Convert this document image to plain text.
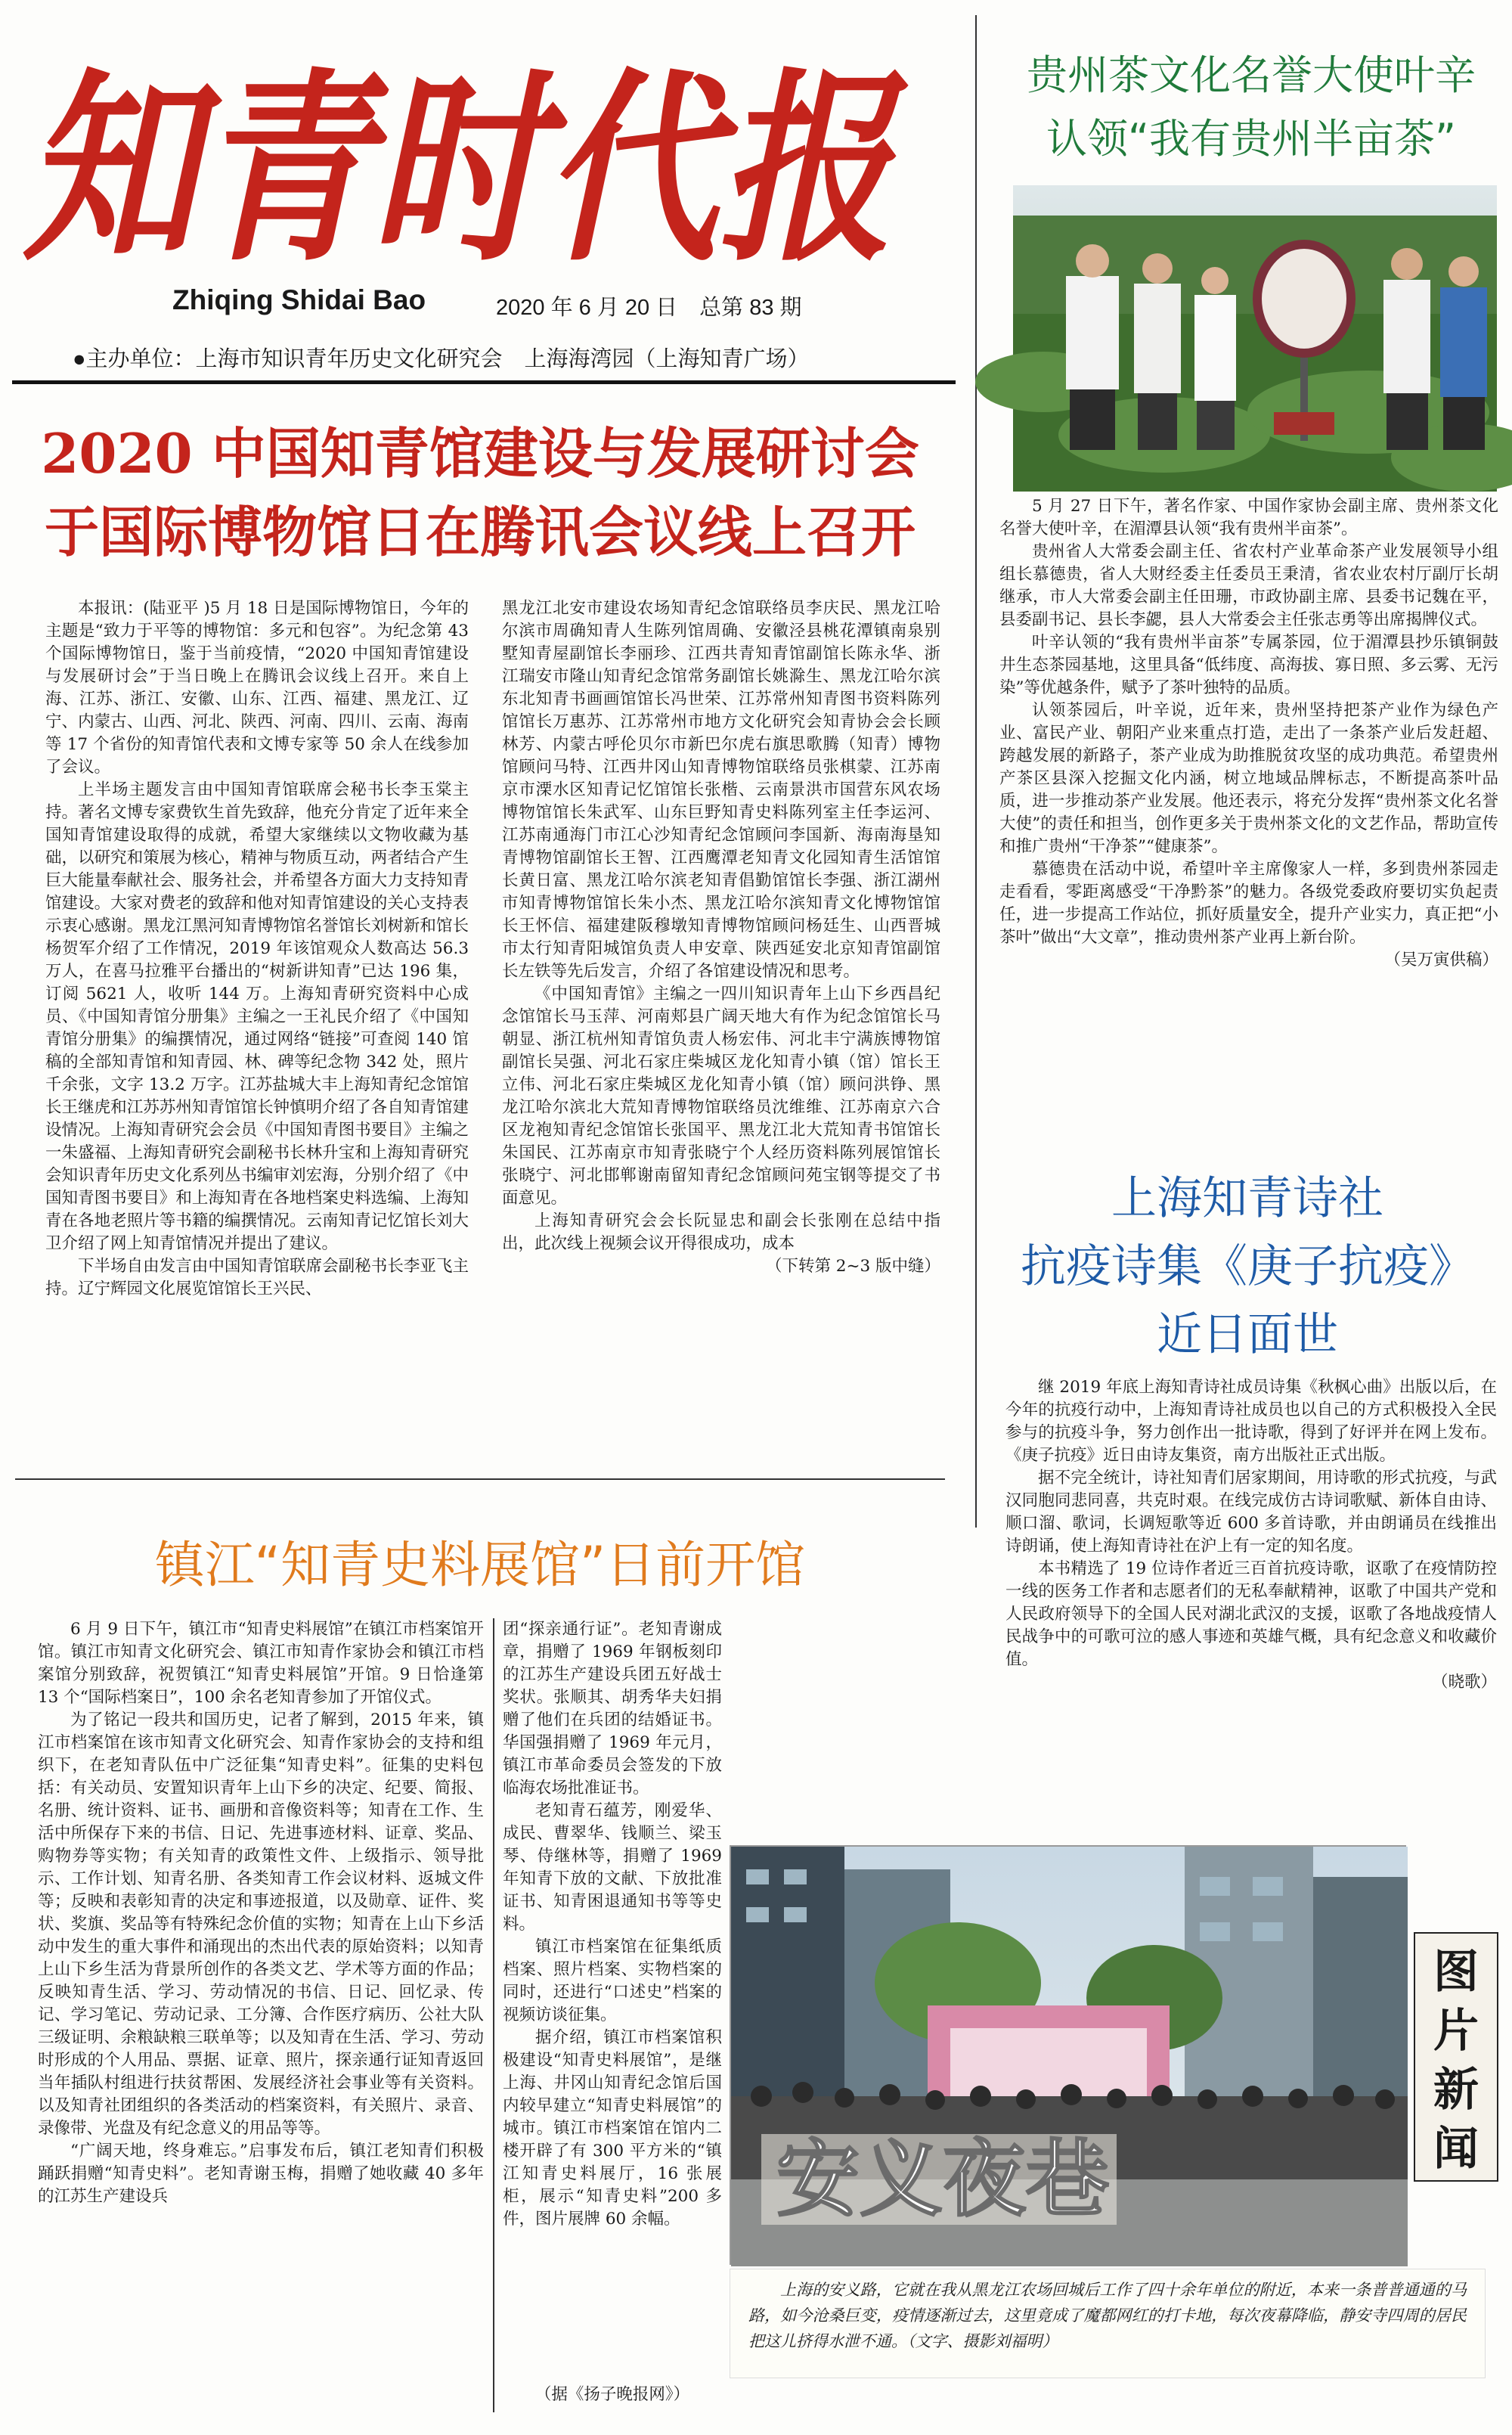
知青时代报
Zhiqing Shidai Bao	2020 年 6 月 20 日　总第 83 期
●主办单位：上海市知识青年历史文化研究会　上海海湾园（上海知青广场）
2020 中国知青馆建设与发展研讨会
于国际博物馆日在腾讯会议线上召开

本报讯：(陆亚平 )5 月 18 日是国际博物馆日，今年的主题是“致力于平等的博物馆：多元和包容”。为纪念第 43 个国际博物馆日，鉴于当前疫情，“2020 中国知青馆建设与发展研讨会”于当日晚上在腾讯会议线上召开。来自上海、江苏、浙江、安徽、山东、江西、福建、黑龙江、辽宁、内蒙古、山西、河北、陕西、河南、四川、云南、海南等 17 个省份的知青馆代表和文博专家等 50 余人在线参加了会议。

上半场主题发言由中国知青馆联席会秘书长李玉棠主持。著名文博专家费钦生首先致辞，他充分肯定了近年来全国知青馆建设取得的成就，希望大家继续以文物收藏为基础，以研究和策展为核心，精神与物质互动，两者结合产生巨大能量奉献社会、服务社会，并希望各方面大力支持知青馆建设。大家对费老的致辞和他对知青馆建设的关心支持表示衷心感谢。黑龙江黑河知青博物馆名誉馆长刘树新和馆长杨贺军介绍了工作情况，2019 年该馆观众人数高达 56.3 万人，在喜马拉雅平台播出的“树新讲知青”已达 196 集，订阅 5621 人，收听 144 万。上海知青研究资料中心成员、《中国知青馆分册集》主编之一王礼民介绍了《中国知青馆分册集》的编撰情况，通过网络“链接”可查阅 140 馆稿的全部知青馆和知青园、林、碑等纪念物 342 处，照片千余张，文字 13.2 万字。江苏盐城大丰上海知青纪念馆馆长王继虎和江苏苏州知青馆馆长钟慎明介绍了各自知青馆建设情况。上海知青研究会会员《中国知青图书要目》主编之一朱盛福、上海知青研究会副秘书长林升宝和上海知青研究会知识青年历史文化系列丛书编审刘宏海，分别介绍了《中国知青图书要目》和上海知青在各地档案史料选编、上海知青在各地老照片等书籍的编撰情况。云南知青记忆馆长刘大卫介绍了网上知青馆情况并提出了建议。

下半场自由发言由中国知青馆联席会副秘书长李亚飞主持。辽宁辉园文化展览馆馆长王兴民、

黑龙江北安市建设农场知青纪念馆联络员李庆民、黑龙江哈尔滨市周确知青人生陈列馆周确、安徽泾县桃花潭镇南泉别墅知青屋副馆长李丽珍、江西共青知青馆副馆长陈永华、浙江瑞安市隆山知青纪念馆常务副馆长姚滁生、黑龙江哈尔滨东北知青书画画馆馆长冯世荣、江苏常州知青图书资料陈列馆馆长万惠苏、江苏常州市地方文化研究会知青协会会长顾林芳、内蒙古呼伦贝尔市新巴尔虎右旗思歌腾（知青）博物馆顾问马特、江西井冈山知青博物馆联络员张棋蒙、江苏南京市溧水区知青记忆馆馆长张楷、云南景洪市国营东风农场博物馆馆长朱武军、山东巨野知青史料陈列室主任李运河、江苏南通海门市江心沙知青纪念馆顾问李国新、海南海垦知青博物馆副馆长王智、江西鹰潭老知青文化园知青生活馆馆长黄日富、黑龙江哈尔滨老知青倡勤馆馆长李强、浙江湖州市知青博物馆馆长朱小杰、黑龙江哈尔滨知青文化博物馆馆长王怀信、福建建阪穆墩知青博物馆顾问杨廷生、山西晋城市太行知青阳城馆负责人申安章、陕西延安北京知青馆副馆长左铁等先后发言，介绍了各馆建设情况和思考。

《中国知青馆》主编之一四川知识青年上山下乡西昌纪念馆馆长马玉萍、河南郏县广阔天地大有作为纪念馆馆长马朝显、浙江杭州知青馆负责人杨宏伟、河北丰宁满族博物馆副馆长吴强、河北石家庄柴城区龙化知青小镇（馆）馆长王立伟、河北石家庄柴城区龙化知青小镇（馆）顾问洪铮、黑龙江哈尔滨北大荒知青博物馆联络员沈维维、江苏南京六合区龙袍知青纪念馆馆长张国平、黑龙江北大荒知青书馆馆长朱国民、江苏南京市知青张晓宁个人经历资料陈列展馆馆长张晓宁、河北邯郸谢南留知青纪念馆顾问苑宝钢等提交了书面意见。

上海知青研究会会长阮显忠和副会长张刚在总结中指出，此次线上视频会议开得很成功，成本

（下转第 2~3 版中缝）

贵州茶文化名誉大使叶辛
认领“我有贵州半亩茶”

5 月 27 日下午，著名作家、中国作家协会副主席、贵州茶文化名誉大使叶辛，在湄潭县认领“我有贵州半亩茶”。

贵州省人大常委会副主任、省农村产业革命茶产业发展领导小组组长慕德贵，省人大财经委主任委员王秉清，省农业农村厅副厅长胡继承，市人大常委会副主任田珊，市政协副主席、县委书记魏在平，县委副书记、县长李勰，县人大常委会主任张志勇等出席揭牌仪式。

叶辛认领的“我有贵州半亩茶”专属茶园，位于湄潭县抄乐镇铜鼓井生态茶园基地，这里具备“低纬度、高海拔、寡日照、多云雾、无污染”等优越条件，赋予了茶叶独特的品质。

认领茶园后，叶辛说，近年来，贵州坚持把茶产业作为绿色产业、富民产业、朝阳产业来重点打造，走出了一条茶产业后发赶超、跨越发展的新路子，茶产业成为助推脱贫攻坚的成功典范。希望贵州产茶区县深入挖掘文化内涵，树立地域品牌标志，不断提高茶叶品质，进一步推动茶产业发展。他还表示，将充分发挥“贵州茶文化名誉大使”的责任和担当，创作更多关于贵州茶文化的文艺作品，帮助宣传和推广贵州“干净茶”“健康茶”。

慕德贵在活动中说，希望叶辛主席像家人一样，多到贵州茶园走走看看，零距离感受“干净黔茶”的魅力。各级党委政府要切实负起责任，进一步提高工作站位，抓好质量安全，提升产业实力，真正把“小茶叶”做出“大文章”，推动贵州茶产业再上新台阶。

（吴万寅供稿）

上海知青诗社
抗疫诗集《庚子抗疫》
近日面世

继 2019 年底上海知青诗社成员诗集《秋枫心曲》出版以后，在今年的抗疫行动中，上海知青诗社成员也以自己的方式积极投入全民参与的抗疫斗争，努力创作出一批诗歌，得到了好评并在网上发布。《庚子抗疫》近日由诗友集资，南方出版社正式出版。

据不完全统计，诗社知青们居家期间，用诗歌的形式抗疫，与武汉同胞同悲同喜，共克时艰。在线完成仿古诗词歌赋、新体自由诗、顺口溜、歌词，长调短歌等近 600 多首诗歌，并由朗诵员在线推出诗朗诵，使上海知青诗社在沪上有一定的知名度。

本书精选了 19 位诗作者近三百首抗疫诗歌，讴歌了在疫情防控一线的医务工作者和志愿者们的无私奉献精神，讴歌了中国共产党和人民政府领导下的全国人民对湖北武汉的支援，讴歌了各地战疫情人民战争中的可歌可泣的感人事迹和英雄气概，具有纪念意义和收藏价值。

（晓歌）

镇江“知青史料展馆”日前开馆

6 月 9 日下午，镇江市“知青史料展馆”在镇江市档案馆开馆。镇江市知青文化研究会、镇江市知青作家协会和镇江市档案馆分别致辞，祝贺镇江“知青史料展馆”开馆。9 日恰逢第 13 个“国际档案日”，100 余名老知青参加了开馆仪式。

为了铭记一段共和国历史，记者了解到，2015 年来，镇江市档案馆在该市知青文化研究会、知青作家协会的支持和组织下，在老知青队伍中广泛征集“知青史料”。征集的史料包括：有关动员、安置知识青年上山下乡的决定、纪要、简报、名册、统计资料、证书、画册和音像资料等；知青在工作、生活中所保存下来的书信、日记、先进事迹材料、证章、奖品、购物券等实物；有关知青的政策性文件、上级指示、领导批示、工作计划、知青名册、各类知青工作会议材料、返城文件等；反映和表彰知青的决定和事迹报道，以及勋章、证件、奖状、奖旗、奖品等有特殊纪念价值的实物；知青在上山下乡活动中发生的重大事件和涌现出的杰出代表的原始资料；以知青上山下乡生活为背景所创作的各类文艺、学术等方面的作品；反映知青生活、学习、劳动情况的书信、日记、回忆录、传记、学习笔记、劳动记录、工分簿、合作医疗病历、公社大队三级证明、余粮缺粮三联单等；以及知青在生活、学习、劳动时形成的个人用品、票据、证章、照片，探亲通行证知青返回当年插队村组进行扶贫帮困、发展经济社会事业等有关资料。以及知青社团组织的各类活动的档案资料，有关照片、录音、录像带、光盘及有纪念意义的用品等等。

“广阔天地，终身难忘。”启事发布后，镇江老知青们积极踊跃捐赠“知青史料”。老知青谢玉梅，捐赠了她收藏 40 多年的江苏生产建设兵

团“探亲通行证”。老知青谢成章，捐赠了 1969 年钢板刻印的江苏生产建设兵团五好战士奖状。张顺其、胡秀华夫妇捐赠了他们在兵团的结婚证书。华国强捐赠了 1969 年元月，镇江市革命委员会签发的下放临海农场批准证书。

老知青石蕴芳，刚爱华、成民、曹翠华、钱顺兰、梁玉琴、侍继林等，捐赠了 1969 年知青下放的文献、下放批准证书、知青困退通知书等等史料。

镇江市档案馆在征集纸质档案、照片档案、实物档案的同时，还进行“口述史”档案的视频访谈征集。

据介绍，镇江市档案馆积极建设“知青史料展馆”，是继上海、井冈山知青纪念馆后国内较早建立“知青史料展馆”的城市。镇江市档案馆在馆内二楼开辟了有 300 平方米的“镇江知青史料展厅，16 张展柜，展示“知青史料”200 多件，图片展牌 60 余幅。

（据《扬子晚报网》）
安义夜巷
图
片
新
闻
上海的安义路，它就在我从黑龙江农场回城后工作了四十余年单位的附近，本来一条普普通通的马路，如今沧桑巨变，疫情逐渐过去，这里竟成了魔都网红的打卡地，每次夜幕降临，静安寺四周的居民把这儿挤得水泄不通。（文字、摄影刘福明）
